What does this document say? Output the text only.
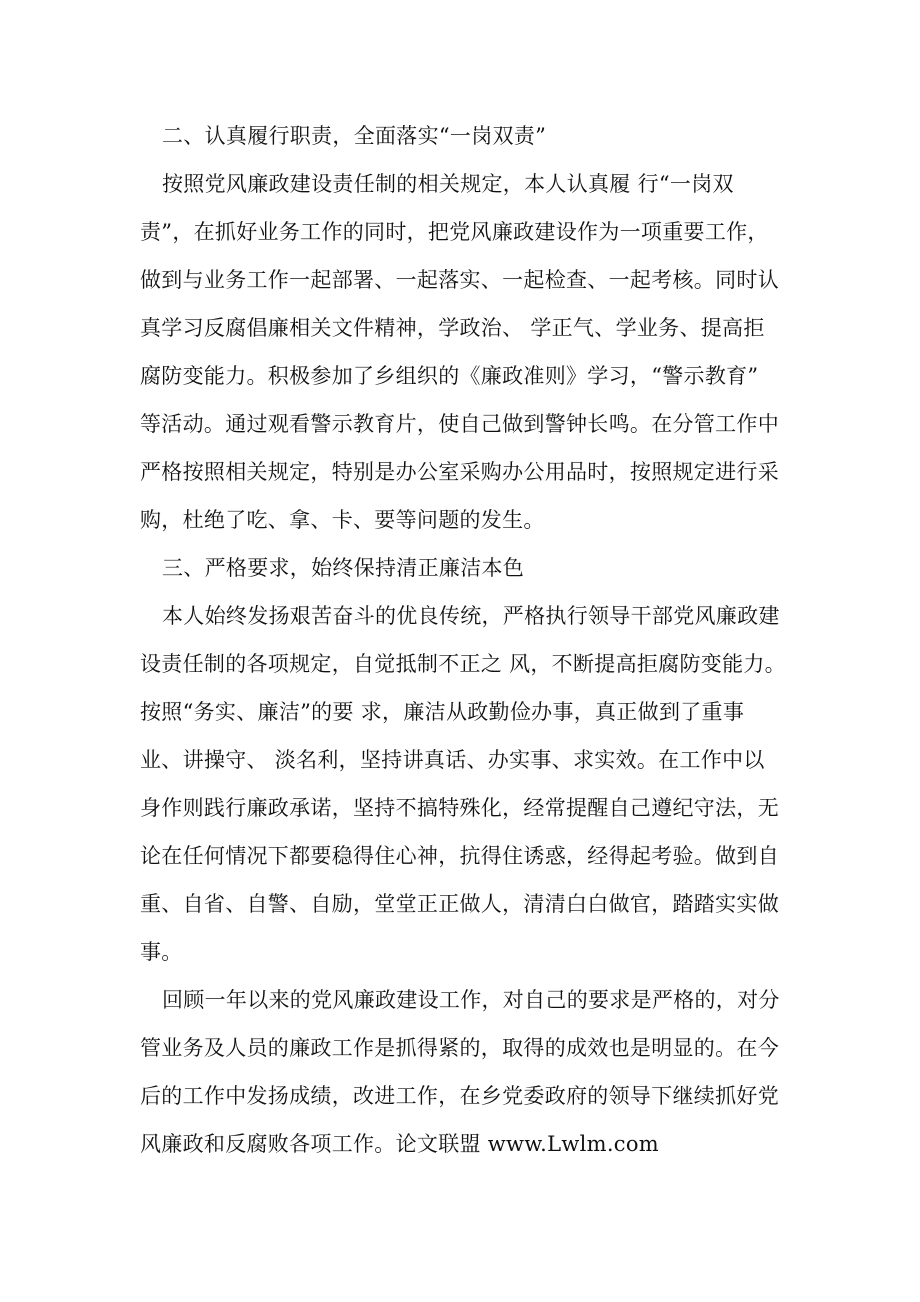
二、认真履行职责，全面落实“一岗双责”
按照党风廉政建设责任制的相关规定，本人认真履 行“一岗双
责”，在抓好业务工作的同时，把党风廉政建设作为一项重要工作，
做到与业务工作一起部署、一起落实、一起检查、一起考核。同时认
真学习反腐倡廉相关文件精神，学政治、 学正气、学业务、提高拒
腐防变能力。积极参加了乡组织的《廉政准则》学习，“警示教育”
等活动。通过观看警示教育片，使自己做到警钟长鸣。在分管工作中
严格按照相关规定，特别是办公室采购办公用品时，按照规定进行采
购，杜绝了吃、拿、卡、要等问题的发生。
三、严格要求，始终保持清正廉洁本色
本人始终发扬艰苦奋斗的优良传统，严格执行领导干部党风廉政建
设责任制的各项规定，自觉抵制不正之 风，不断提高拒腐防变能力。
按照“务实、廉洁”的要 求，廉洁从政勤俭办事，真正做到了重事
业、讲操守、 淡名利，坚持讲真话、办实事、求实效。在工作中以
身作则践行廉政承诺，坚持不搞特殊化，经常提醒自己遵纪守法，无
论在任何情况下都要稳得住心神，抗得住诱惑，经得起考验。做到自
重、自省、自警、自励，堂堂正正做人，清清白白做官，踏踏实实做
事。
回顾一年以来的党风廉政建设工作，对自己的要求是严格的，对分
管业务及人员的廉政工作是抓得紧的，取得的成效也是明显的。在今
后的工作中发扬成绩，改进工作，在乡党委政府的领导下继续抓好党
风廉政和反腐败各项工作。论文联盟 www.Lwlm.com
